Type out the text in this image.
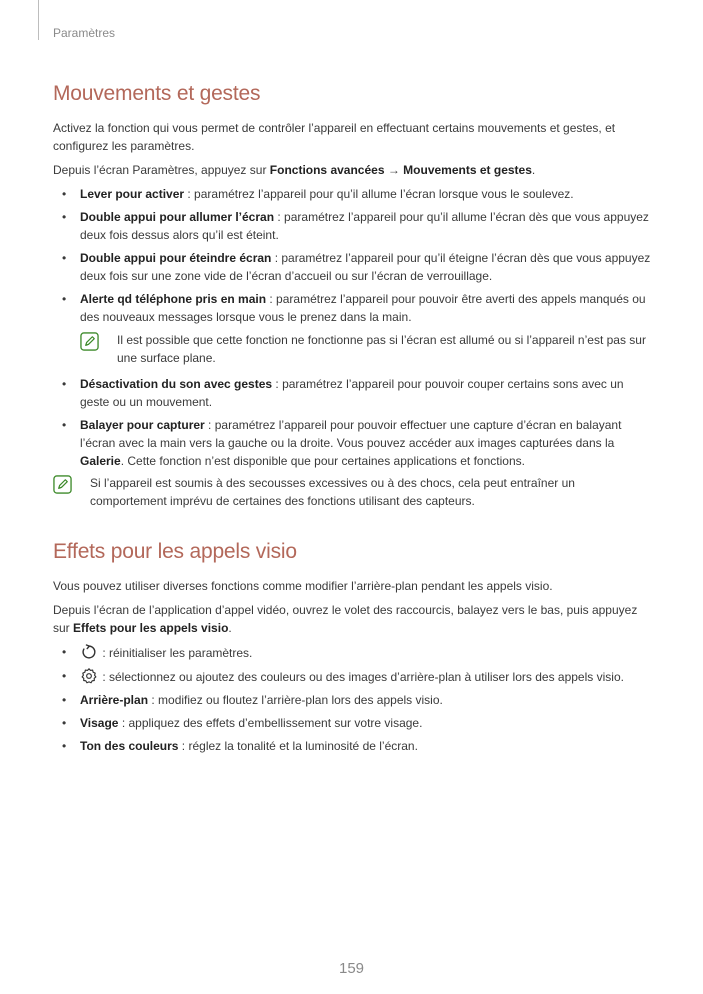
Paramètres
Mouvements et gestes

Activez la fonction qui vous permet de contrôler l’appareil en effectuant certains mouvements et gestes, et configurez les paramètres.

Depuis l’écran Paramètres, appuyez sur Fonctions avancées → Mouvements et gestes.

• Lever pour activer : paramétrez l’appareil pour qu’il allume l’écran lorsque vous le soulevez.
• Double appui pour allumer l’écran : paramétrez l’appareil pour qu’il allume l’écran dès que vous appuyez deux fois dessus alors qu’il est éteint.
• Double appui pour éteindre écran : paramétrez l’appareil pour qu’il éteigne l’écran dès que vous appuyez deux fois sur une zone vide de l’écran d’accueil ou sur l’écran de verrouillage.
• Alerte qd téléphone pris en main : paramétrez l’appareil pour pouvoir être averti des appels manqués ou des nouveaux messages lorsque vous le prenez dans la main.
Il est possible que cette fonction ne fonctionne pas si l’écran est allumé ou si l’appareil n’est pas sur une surface plane.
• Désactivation du son avec gestes : paramétrez l’appareil pour pouvoir couper certains sons avec un geste ou un mouvement.
• Balayer pour capturer : paramétrez l’appareil pour pouvoir effectuer une capture d’écran en balayant l’écran avec la main vers la gauche ou la droite. Vous pouvez accéder aux images capturées dans la Galerie. Cette fonction n’est disponible que pour certaines applications et fonctions.
Si l’appareil est soumis à des secousses excessives ou à des chocs, cela peut entraîner un comportement imprévu de certaines des fonctions utilisant des capteurs.
Effets pour les appels visio

Vous pouvez utiliser diverses fonctions comme modifier l’arrière-plan pendant les appels visio.

Depuis l’écran de l’application d’appel vidéo, ouvrez le volet des raccourcis, balayez vers le bas, puis appuyez sur Effets pour les appels visio.

•	: réinitialiser les paramètres.
•	: sélectionnez ou ajoutez des couleurs ou des images d’arrière-plan à utiliser lors des appels visio.
• Arrière-plan : modifiez ou floutez l’arrière-plan lors des appels visio.
• Visage : appliquez des effets d’embellissement sur votre visage.
• Ton des couleurs : réglez la tonalité et la luminosité de l’écran.
159
